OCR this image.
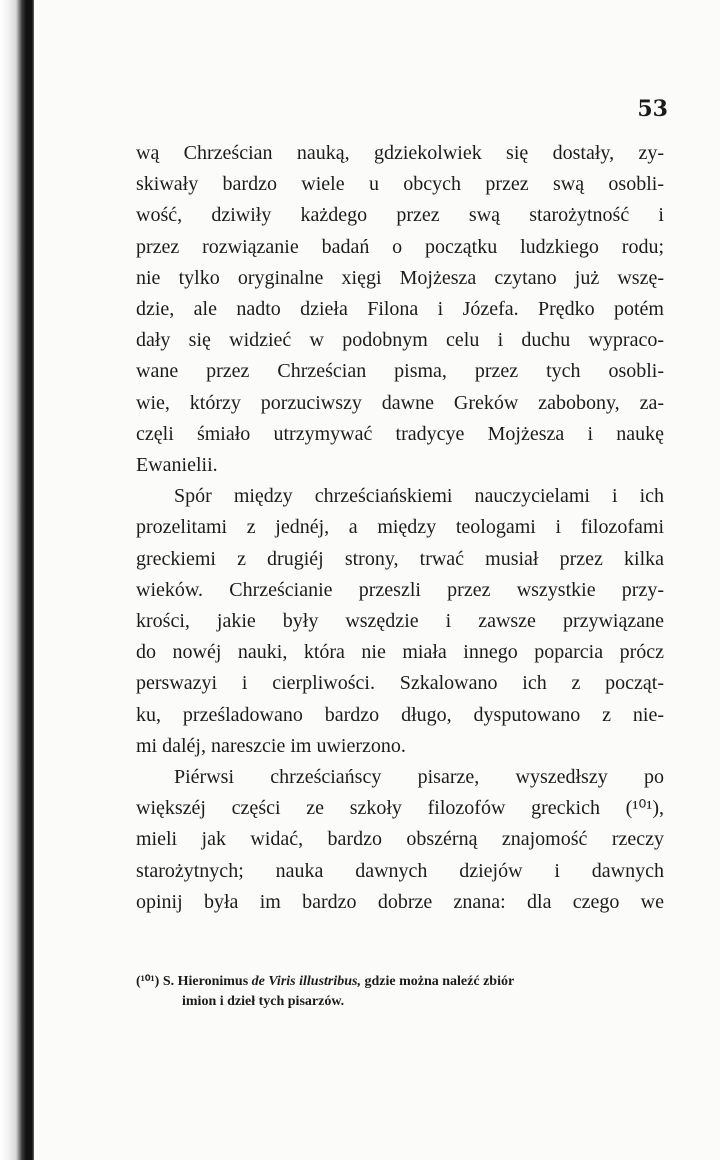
53

wą Chrześcian nauką, gdziekolwiek się dostały, zy-
skiwały bardzo wiele u obcych przez swą osobli-
wość, dziwiły każdego przez swą starożytność i
przez rozwiązanie badań o początku ludzkiego rodu;
nie tylko oryginalne xięgi Mojżesza czytano już wszę-
dzie, ale nadto dzieła Filona i Józefa. Prędko potém
dały się widzieć w podobnym celu i duchu wypraco-
wane przez Chrześcian pisma, przez tych osobli-
wie, którzy porzuciwszy dawne Greków zabobony, za-
częli śmiało utrzymywać tradycye Mojżesza i naukę
Ewanielii.
Spór między chrześciańskiemi nauczycielami i ich
prozelitami z jednéj, a między teologami i filozofami
greckiemi z drugiéj strony, trwać musiał przez kilka
wieków. Chrześcianie przeszli przez wszystkie przy-
krości, jakie były wszędzie i zawsze przywiązane
do nowéj nauki, która nie miała innego poparcia prócz
perswazyi i cierpliwości. Szkalowano ich z począt-
ku, prześladowano bardzo długo, dysputowano z nie-
mi daléj, nareszcie im uwierzono.
Piérwsi chrześciańscy pisarze, wyszedłszy po
większéj części ze szkoły filozofów greckich (¹⁰¹),
mieli jak widać, bardzo obszérną znajomość rzeczy
starożytnych; nauka dawnych dziejów i dawnych
opinij była im bardzo dobrze znana: dla czego we
(¹⁰¹) S. Hieronimus de Viris illustribus, gdzie można naleźć zbiór
imion i dzieł tych pisarzów.
